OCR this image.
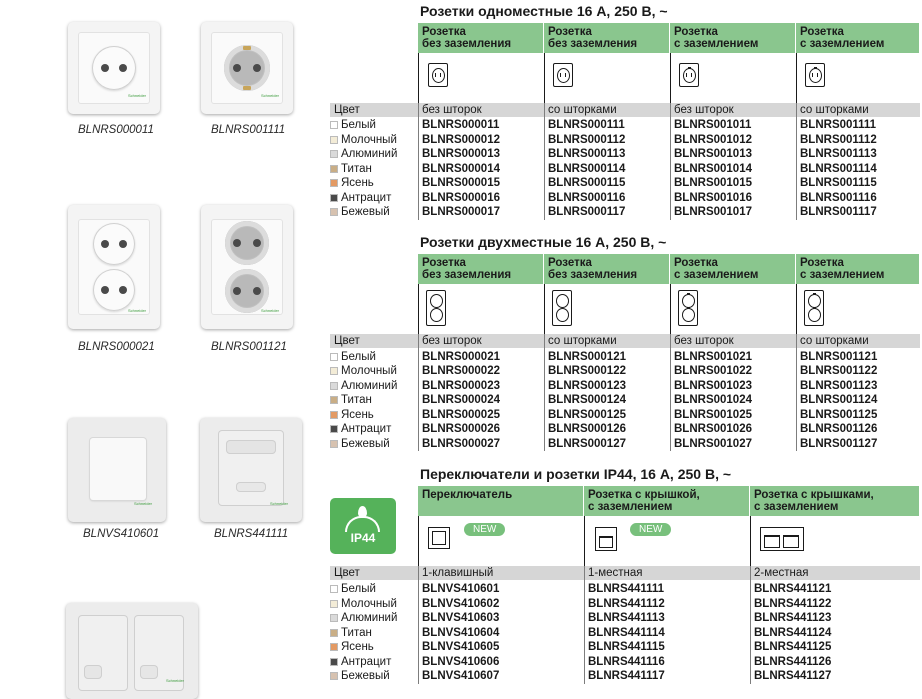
Schneider
BLNRS000011
Schneider
BLNRS001111
Schneider
BLNRS000021
Schneider
BLNRS001121
Schneider
BLNVS410601
Schneider
BLNRS441111
Schneider
Розетки одноместные 16 А, 250 В, ~
Розетка
без заземления
Розетка
без заземления
Розетка
с заземлением
Розетка
с заземлением
Цвет	без шторок	со шторками	без шторок	со шторками
Белый	BLNRS000011	BLNRS000111	BLNRS001011	BLNRS001111
Молочный BLNRS000012	BLNRS000112	BLNRS001012	BLNRS001112
Алюминий BLNRS000013	BLNRS000113	BLNRS001013	BLNRS001113
Титан	BLNRS000014	BLNRS000114	BLNRS001014	BLNRS001114
Ясень	BLNRS000015	BLNRS000115	BLNRS001015	BLNRS001115
Антрацит	BLNRS000016	BLNRS000116	BLNRS001016	BLNRS001116
Бежевый	BLNRS000017	BLNRS000117	BLNRS001017	BLNRS001117
Розетки двухместные 16 А, 250 В, ~
Розетка
без заземления
Розетка
без заземления
Розетка
с заземлением
Розетка
с заземлением
Цвет	без шторок	со шторками	без шторок	со шторками
Белый	BLNRS000021	BLNRS000121	BLNRS001021	BLNRS001121
Молочный BLNRS000022	BLNRS000122	BLNRS001022	BLNRS001122
Алюминий BLNRS000023	BLNRS000123	BLNRS001023	BLNRS001123
Титан	BLNRS000024	BLNRS000124	BLNRS001024	BLNRS001124
Ясень	BLNRS000025	BLNRS000125	BLNRS001025	BLNRS001125
Антрацит	BLNRS000026	BLNRS000126	BLNRS001026	BLNRS001126
Бежевый	BLNRS000027	BLNRS000127	BLNRS001027	BLNRS001127
Переключатели и розетки IP44, 16 А, 250 В, ~
IP44
Переключатель	Розетка с крышкой,
с заземлением
Розетка с крышками,
с заземлением
NEW	NEW
Цвет	1-клавишный	1-местная	2-местная
Белый	BLNVS410601	BLNRS441111	BLNRS441121
Молочный BLNVS410602	BLNRS441112	BLNRS441122
Алюминий BLNVS410603	BLNRS441113	BLNRS441123
Титан	BLNVS410604	BLNRS441114	BLNRS441124
Ясень	BLNVS410605	BLNRS441115	BLNRS441125
Антрацит	BLNVS410606	BLNRS441116	BLNRS441126
Бежевый	BLNVS410607	BLNRS441117	BLNRS441127
